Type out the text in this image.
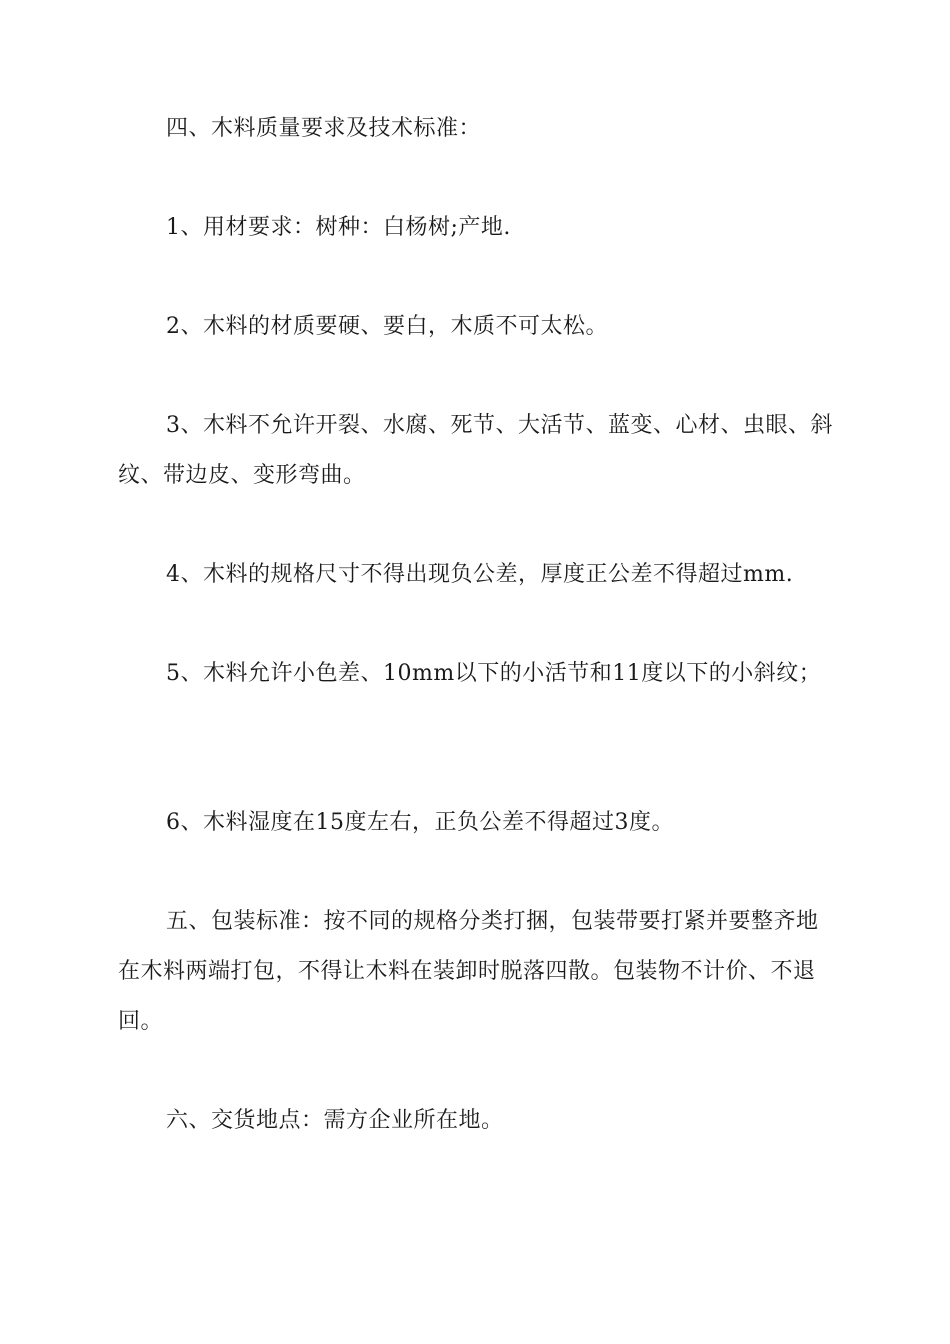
四、木料质量要求及技术标准：

1、用材要求：树种：白杨树;产地.

2、木料的材质要硬、要白，木质不可太松。

3、木料不允许开裂、水腐、死节、大活节、蓝变、心材、虫眼、斜纹、带边皮、变形弯曲。

4、木料的规格尺寸不得出现负公差，厚度正公差不得超过mm.

5、木料允许小色差、10mm以下的小活节和11度以下的小斜纹；

6、木料湿度在15度左右，正负公差不得超过3度。

五、包装标准：按不同的规格分类打捆，包装带要打紧并要整齐地在木料两端打包，不得让木料在装卸时脱落四散。包装物不计价、不退回。

六、交货地点：需方企业所在地。
